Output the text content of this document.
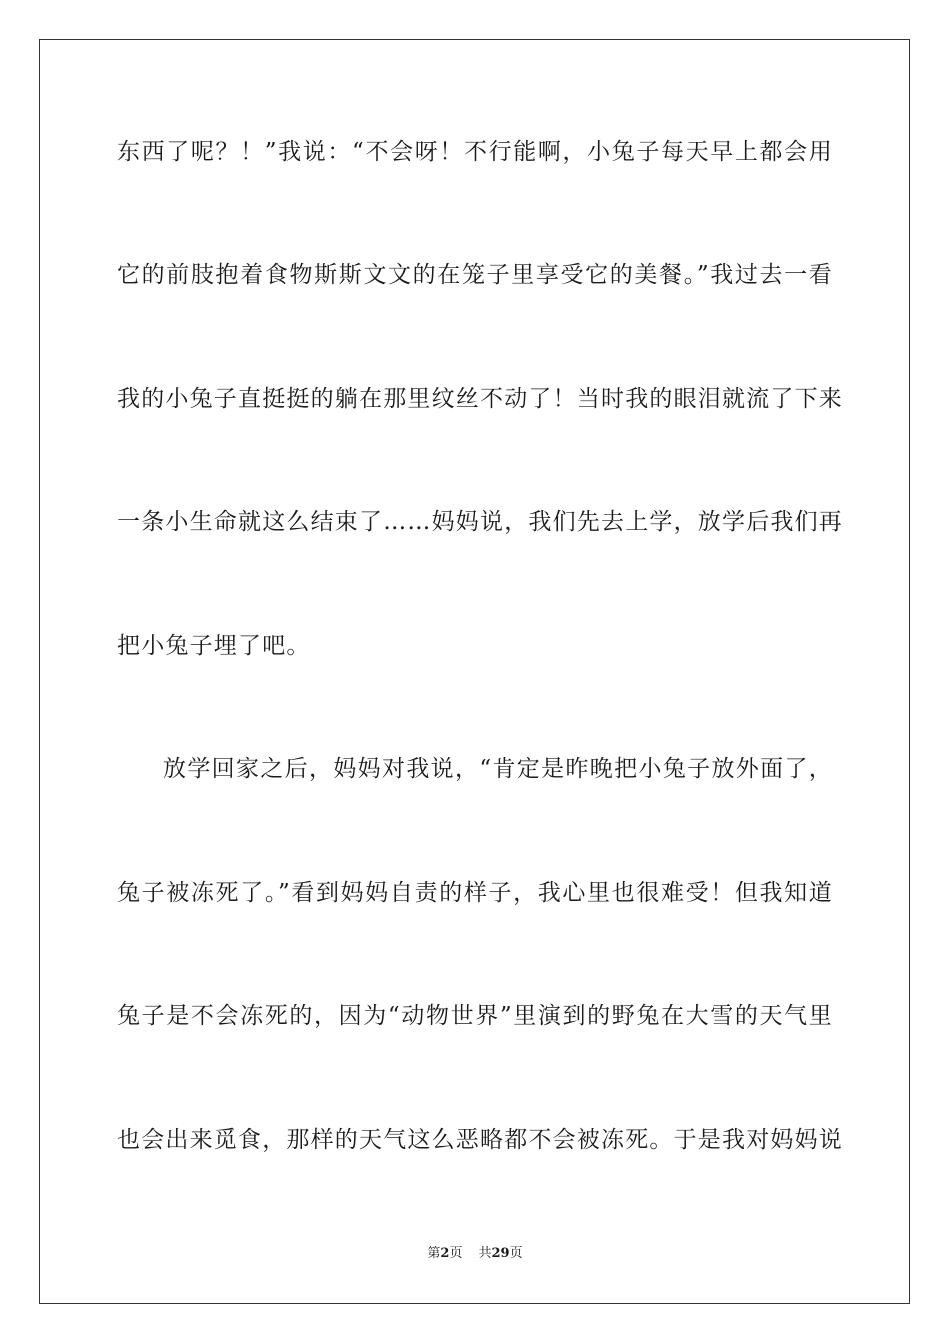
东西了呢？！”我说：“不会呀！不行能啊，小兔子每天早上都会用
它的前肢抱着食物斯斯文文的在笼子里享受它的美餐。”我过去一看
我的小兔子直挺挺的躺在那里纹丝不动了！当时我的眼泪就流了下来
一条小生命就这么结束了……妈妈说，我们先去上学，放学后我们再
把小兔子埋了吧。
放学回家之后，妈妈对我说，“肯定是昨晚把小兔子放外面了，
兔子被冻死了。”看到妈妈自责的样子，我心里也很难受！但我知道
兔子是不会冻死的，因为“动物世界”里演到的野兔在大雪的天气里
也会出来觅食，那样的天气这么恶略都不会被冻死。于是我对妈妈说
第2页 共29页
